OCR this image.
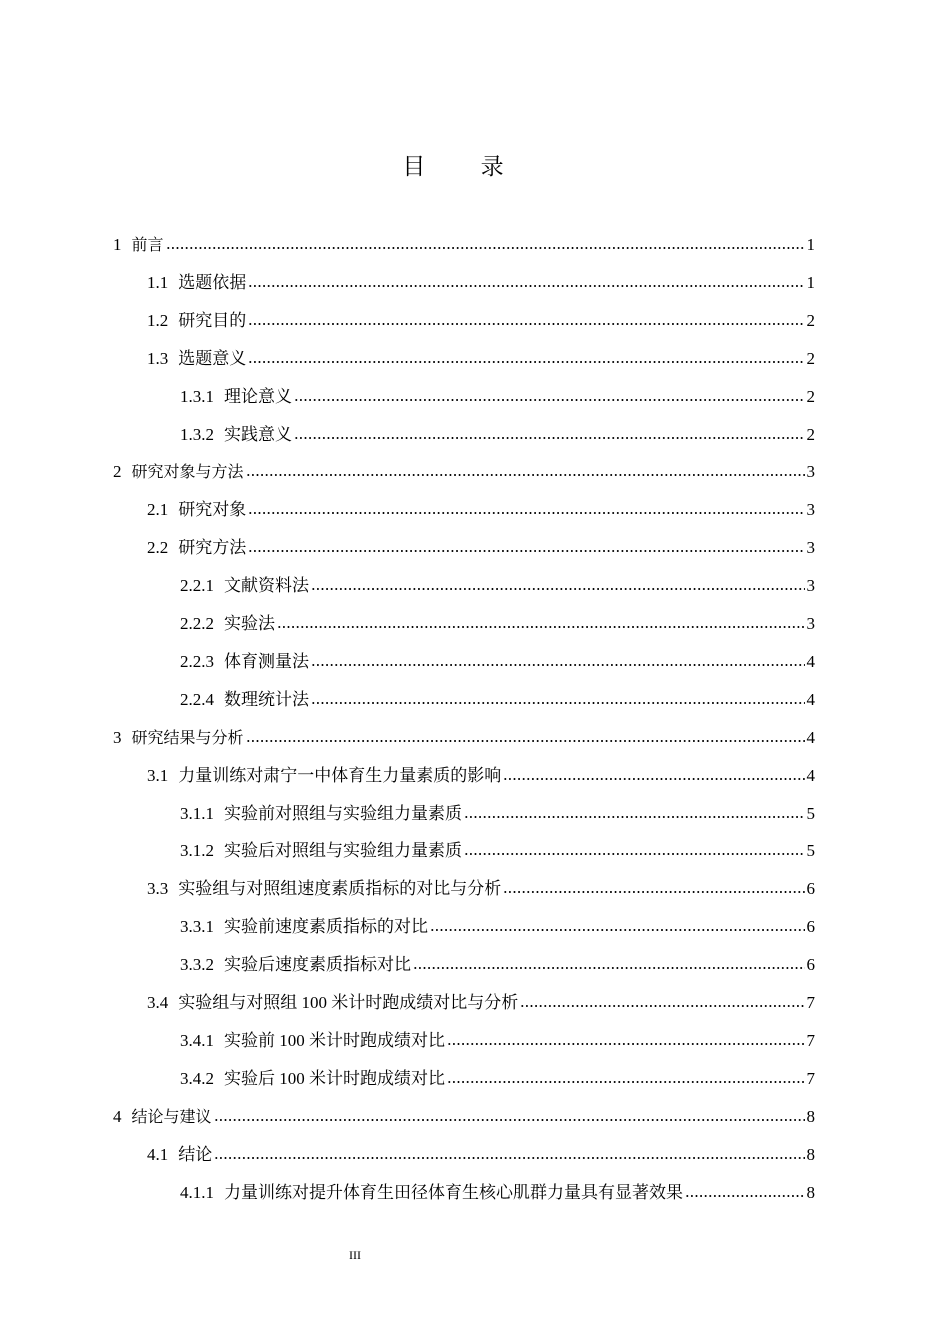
目 录
1 前言	1
1.1 选题依据	1
1.2 研究目的	2
1.3 选题意义	2
1.3.1 理论意义	2
1.3.2 实践意义	2
2 研究对象与方法	3
2.1 研究对象	3
2.2 研究方法	3
2.2.1 文献资料法	3
2.2.2 实验法	3
2.2.3 体育测量法	4
2.2.4 数理统计法	4
3 研究结果与分析	4
3.1 力量训练对肃宁一中体育生力量素质的影响	4
3.1.1 实验前对照组与实验组力量素质	5
3.1.2 实验后对照组与实验组力量素质	5
3.3 实验组与对照组速度素质指标的对比与分析	6
3.3.1 实验前速度素质指标的对比	6
3.3.2 实验后速度素质指标对比	6
3.4 实验组与对照组 100 米计时跑成绩对比与分析	7
3.4.1 实验前 100 米计时跑成绩对比	7
3.4.2 实验后 100 米计时跑成绩对比	7
4 结论与建议	8
4.1 结论	8
4.1.1 力量训练对提升体育生田径体育生核心肌群力量具有显著效果	8
III
